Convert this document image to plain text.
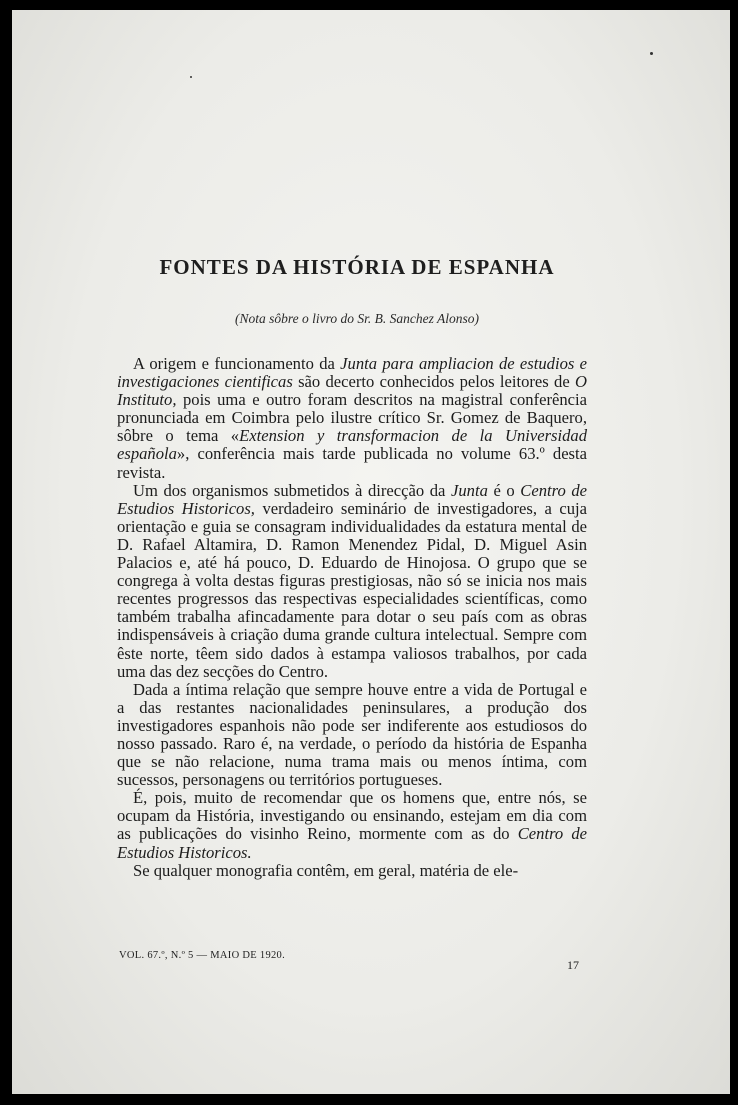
FONTES DA HISTÓRIA DE ESPANHA
(Nota sôbre o livro do Sr. B. Sanchez Alonso)

A origem e funcionamento da Junta para ampliacion de estudios e investigaciones cientificas são decerto conhecidos pelos leitores de O Instituto, pois uma e outro foram descritos na magistral conferência pronunciada em Coimbra pelo ilustre crítico Sr. Gomez de Baquero, sôbre o tema «Extension y transformacion de la Universidad española», conferência mais tarde publicada no volume 63.º desta revista.

Um dos organismos submetidos à direcção da Junta é o Centro de Estudios Historicos, verdadeiro seminário de investigadores, a cuja orientação e guia se consagram individualidades da estatura mental de D. Rafael Altamira, D. Ramon Menendez Pidal, D. Miguel Asin Palacios e, até há pouco, D. Eduardo de Hinojosa. O grupo que se congrega à volta destas figuras prestigiosas, não só se inicia nos mais recentes progressos das respectivas especialidades scientíficas, como também trabalha afincadamente para dotar o seu país com as obras indispensáveis à criação duma grande cultura intelectual. Sempre com êste norte, têem sido dados à estampa valiosos trabalhos, por cada uma das dez secções do Centro.

Dada a íntima relação que sempre houve entre a vida de Portugal e a das restantes nacionalidades peninsulares, a produção dos investigadores espanhois não pode ser indiferente aos estudiosos do nosso passado. Raro é, na verdade, o período da história de Espanha que se não relacione, numa trama mais ou menos íntima, com sucessos, personagens ou territórios portugueses.

É, pois, muito de recomendar que os homens que, entre nós, se ocupam da História, investigando ou ensinando, estejam em dia com as publicações do visinho Reino, mormente com as do Centro de Estudios Historicos.

Se qualquer monografia contêm, em geral, matéria de ele-

VOL. 67.º, N.º 5 — MAIO DE 1920.
17
